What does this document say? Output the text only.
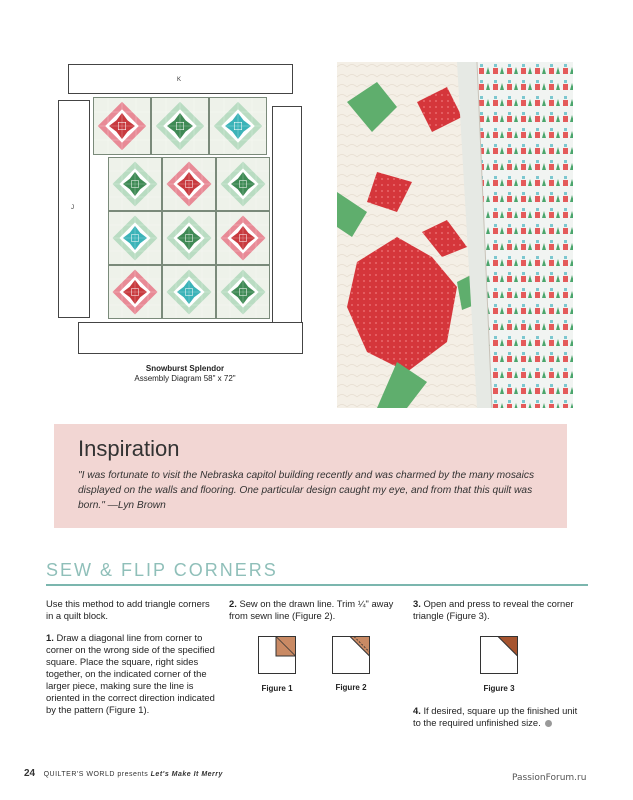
K
J
Snowburst Splendor
Assembly Diagram 58" x 72"
Inspiration

"I was fortunate to visit the Nebraska capitol building recently and was charmed by the many mosaics displayed on the walls and flooring. One particular design caught my eye, and from that this quilt was born." —Lyn Brown

SEW & FLIP CORNERS
Use this method to add triangle corners in a quilt block.
1. Draw a diagonal line from corner to corner on the wrong side of the specified square. Place the square, right sides together, on the indicated corner of the larger piece, making sure the line is oriented in the correct direction indicated by the pattern (Figure 1).
2. Sew on the drawn line. Trim ¼" away from sewn line (Figure 2).
3. Open and press to reveal the corner triangle (Figure 3).
4. If desired, square up the finished unit to the required unfinished size.
Figure 1	Figure 2	Figure 3
24 QUILTER'S WORLD presents Let's Make It Merry	PassionForum.ru
